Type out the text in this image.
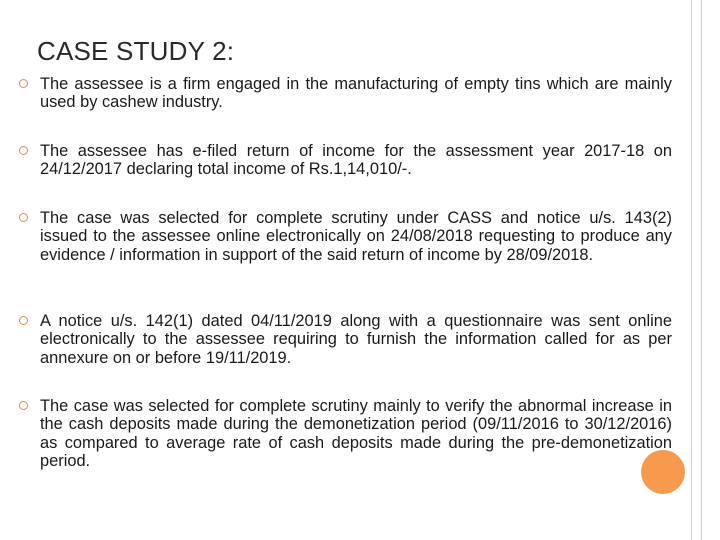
CASE STUDY 2:

The assessee is a firm engaged in the manufacturing of empty tins which are mainly used by cashew industry.

The assessee has e-filed return of income for the assessment year 2017-18 on 24/12/2017 declaring total income of Rs.1,14,010/-.

The case was selected for complete scrutiny under CASS and notice u/s. 143(2) issued to the assessee online electronically on 24/08/2018 requesting to produce any evidence / information in support of the said return of income by 28/09/2018.

A notice u/s. 142(1) dated 04/11/2019 along with a questionnaire was sent online electronically to the assessee requiring to furnish the information called for as per annexure on or before 19/11/2019.

The case was selected for complete scrutiny mainly to verify the abnormal increase in the cash deposits made during the demonetization period (09/11/2016 to 30/12/2016) as compared to average rate of cash deposits made during the pre-demonetization period.
